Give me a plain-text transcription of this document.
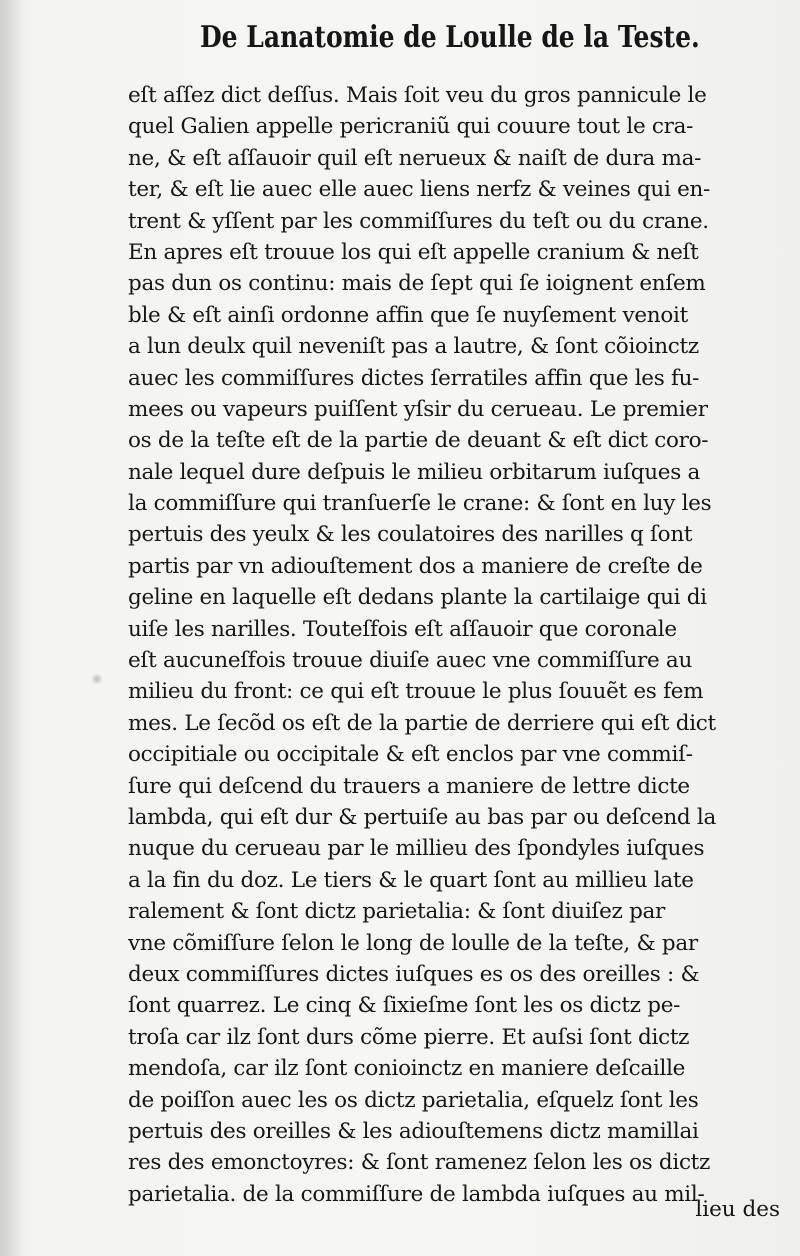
De Lanatomie de Loulle de la Teste.
eſt aſſez dict deſſus. Mais ſoit veu du gros pannicule le
quel Galien appelle pericraniũ qui couure tout le cra-
ne, & eſt aſſauoir quil eſt nerueux & naiſt de dura ma-
ter, & eſt lie auec elle auec liens nerfz & veines qui en-
trent & yſſent par les commiſſures du teſt ou du crane.
En apres eſt trouue los qui eſt appelle cranium & neſt
pas dun os continu: mais de ſept qui ſe ioignent enſem
ble & eſt ainſi ordonne affin que ſe nuyſement venoit
a lun deulx quil neveniſt pas a lautre, & ſont cõioinctz
auec les commiſſures dictes ſerratiles affin que les fu-
mees ou vapeurs puiſſent yſsir du cerueau. Le premier
os de la teſte eſt de la partie de deuant & eſt dict coro-
nale lequel dure deſpuis le milieu orbitarum iuſques a
la commiſſure qui tranſuerſe le crane: & ſont en luy les
pertuis des yeulx & les coulatoires des narilles q ſont
partis par vn adiouſtement dos a maniere de creſte de
geline en laquelle eſt dedans plante la cartilaige qui di
uiſe les narilles. Touteſfois eſt aſſauoir que coronale
eſt aucuneſfois trouue diuiſe auec vne commiſſure au
milieu du front: ce qui eſt trouue le plus ſouuẽt es fem
mes. Le ſecõd os eſt de la partie de derriere qui eſt dict
occipitiale ou occipitale & eſt enclos par vne commiſ-
ſure qui deſcend du trauers a maniere de lettre dicte
lambda, qui eſt dur & pertuiſe au bas par ou deſcend la
nuque du cerueau par le millieu des ſpondyles iuſques
a la fin du doz. Le tiers & le quart ſont au millieu late
ralement & ſont dictz parietalia: & ſont diuiſez par
vne cõmiſſure ſelon le long de loulle de la teſte, & par
deux commiſſures dictes iuſques es os des oreilles : &
ſont quarrez. Le cinq & ſixieſme ſont les os dictz pe-
troſa car ilz ſont durs cõme pierre. Et auſsi ſont dictz
mendoſa, car ilz ſont conioinctz en maniere deſcaille
de poiſſon auec les os dictz parietalia, eſquelz ſont les
pertuis des oreilles & les adiouſtemens dictz mamillai
res des emonctoyres: & ſont ramenez ſelon les os dictz
parietalia. de la commiſſure de lambda iuſques au mil-
lieu des
